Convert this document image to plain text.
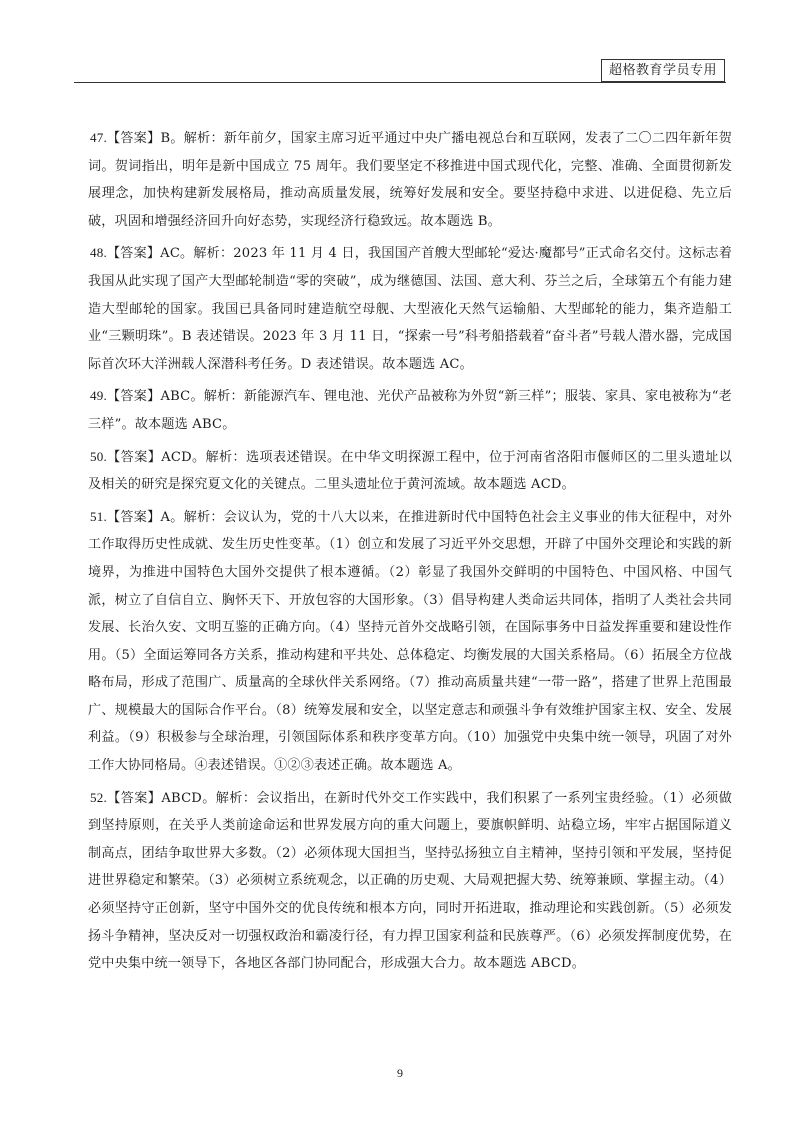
超格教育学员专用

47.【答案】B。解析：新年前夕，国家主席习近平通过中央广播电视总台和互联网，发表了二〇二四年新年贺词。贺词指出，明年是新中国成立 75 周年。我们要坚定不移推进中国式现代化，完整、准确、全面贯彻新发展理念，加快构建新发展格局，推动高质量发展，统筹好发展和安全。要坚持稳中求进、以进促稳、先立后破，巩固和增强经济回升向好态势，实现经济行稳致远。故本题选 B。

48.【答案】AC。解析：2023 年 11 月 4 日，我国国产首艘大型邮轮“爱达·魔都号”正式命名交付。这标志着我国从此实现了国产大型邮轮制造“零的突破”，成为继德国、法国、意大利、芬兰之后，全球第五个有能力建造大型邮轮的国家。我国已具备同时建造航空母舰、大型液化天然气运输船、大型邮轮的能力，集齐造船工业“三颗明珠”。B 表述错误。2023 年 3 月 11 日，“探索一号”科考船搭载着“奋斗者”号载人潜水器，完成国际首次环大洋洲载人深潜科考任务。D 表述错误。故本题选 AC。

49.【答案】ABC。解析：新能源汽车、锂电池、光伏产品被称为外贸“新三样”；服装、家具、家电被称为“老三样”。故本题选 ABC。

50.【答案】ACD。解析：选项表述错误。在中华文明探源工程中，位于河南省洛阳市偃师区的二里头遗址以及相关的研究是探究夏文化的关键点。二里头遗址位于黄河流域。故本题选 ACD。

51.【答案】A。解析：会议认为，党的十八大以来，在推进新时代中国特色社会主义事业的伟大征程中，对外工作取得历史性成就、发生历史性变革。（1）创立和发展了习近平外交思想，开辟了中国外交理论和实践的新境界，为推进中国特色大国外交提供了根本遵循。（2）彰显了我国外交鲜明的中国特色、中国风格、中国气派，树立了自信自立、胸怀天下、开放包容的大国形象。（3）倡导构建人类命运共同体，指明了人类社会共同发展、长治久安、文明互鉴的正确方向。（4）坚持元首外交战略引领，在国际事务中日益发挥重要和建设性作用。（5）全面运筹同各方关系，推动构建和平共处、总体稳定、均衡发展的大国关系格局。（6）拓展全方位战略布局，形成了范围广、质量高的全球伙伴关系网络。（7）推动高质量共建“一带一路”，搭建了世界上范围最广、规模最大的国际合作平台。（8）统筹发展和安全，以坚定意志和顽强斗争有效维护国家主权、安全、发展利益。（9）积极参与全球治理，引领国际体系和秩序变革方向。（10）加强党中央集中统一领导，巩固了对外工作大协同格局。④表述错误。①②③表述正确。故本题选 A。

52.【答案】ABCD。解析：会议指出，在新时代外交工作实践中，我们积累了一系列宝贵经验。（1）必须做到坚持原则，在关乎人类前途命运和世界发展方向的重大问题上，要旗帜鲜明、站稳立场，牢牢占据国际道义制高点，团结争取世界大多数。（2）必须体现大国担当，坚持弘扬独立自主精神，坚持引领和平发展，坚持促进世界稳定和繁荣。（3）必须树立系统观念，以正确的历史观、大局观把握大势、统筹兼顾、掌握主动。（4）必须坚持守正创新，坚守中国外交的优良传统和根本方向，同时开拓进取，推动理论和实践创新。（5）必须发扬斗争精神，坚决反对一切强权政治和霸凌行径，有力捍卫国家利益和民族尊严。（6）必须发挥制度优势，在党中央集中统一领导下，各地区各部门协同配合，形成强大合力。故本题选 ABCD。

9
